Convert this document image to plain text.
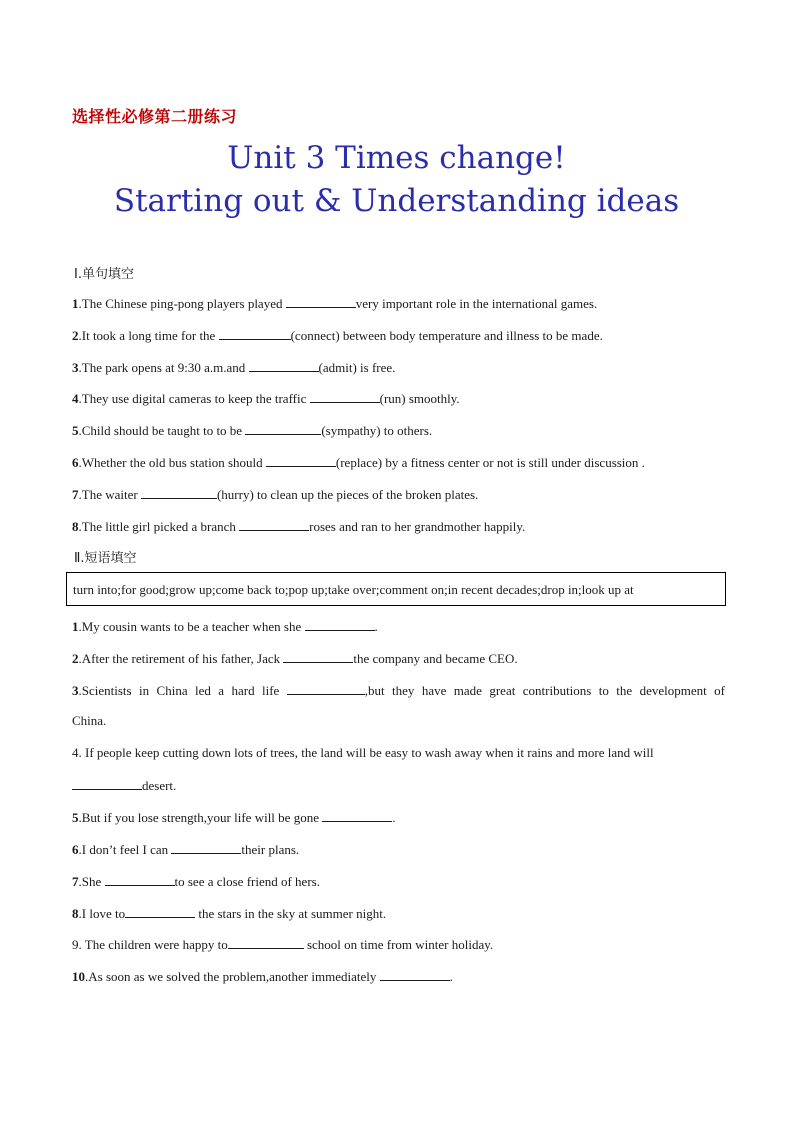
选择性必修第二册练习
Unit 3 Times change!
Starting out & Understanding ideas
Ⅰ.单句填空
1.The Chinese ping-pong players played	very important role in the international games.
2.It took a long time for the	(connect) between body temperature and illness to be made.
3.The park opens at 9:30 a.m.and	(admit) is free.
4.They use digital cameras to keep the traffic	(run) smoothly.
5.Child should be taught to to be	(sympathy) to others.
6.Whether the old bus station should	(replace) by a fitness center or not is still under discussion .
7.The waiter	(hurry) to clean up the pieces of the broken plates.
8.The little girl picked a branch	roses and ran to her grandmother happily.
Ⅱ.短语填空
turn into;for good;grow up;come back to;pop up;take over;comment on;in recent decades;drop in;look up at
1.My cousin wants to be a teacher when she	.
2.After the retirement of his father, Jack	the company and became CEO.
3.Scientists in China led a hard life	,but they have made great contributions to the development of
China.
4. If people keep cutting down lots of trees, the land will be easy to wash away when it rains and more land will
desert.
5.But if you lose strength,your life will be gone	.
6.I don’t feel I can	their plans.
7.She	to see a close friend of hers.
8.I love to	the stars in the sky at summer night.
9. The children were happy to	school on time from winter holiday.
10.As soon as we solved the problem,another immediately	.
